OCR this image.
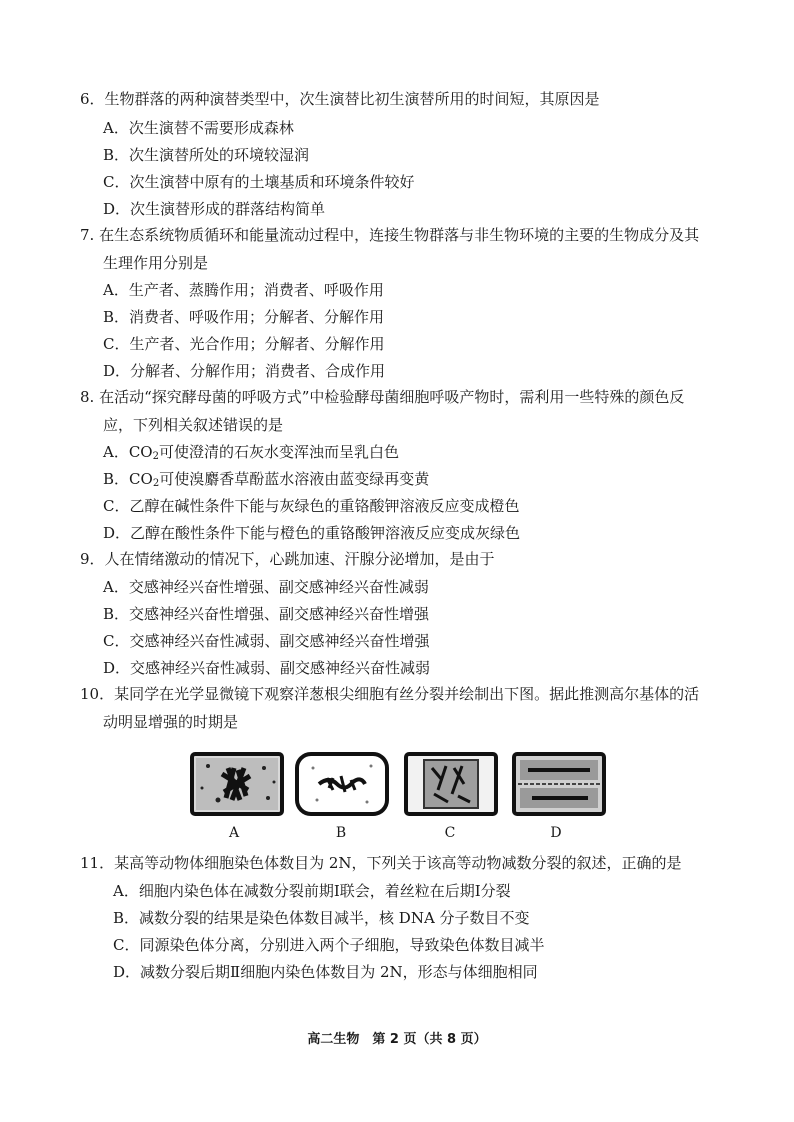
6．生物群落的两种演替类型中，次生演替比初生演替所用的时间短，其原因是
A．次生演替不需要形成森林
B．次生演替所处的环境较湿润
C．次生演替中原有的土壤基质和环境条件较好
D．次生演替形成的群落结构简单
7. 在生态系统物质循环和能量流动过程中，连接生物群落与非生物环境的主要的生物成分及其
生理作用分别是
A．生产者、蒸腾作用；消费者、呼吸作用
B．消费者、呼吸作用；分解者、分解作用
C．生产者、光合作用；分解者、分解作用
D．分解者、分解作用；消费者、合成作用
8. 在活动“探究酵母菌的呼吸方式”中检验酵母菌细胞呼吸产物时，需利用一些特殊的颜色反
应，下列相关叙述错误的是
A．$CO_2$可使澄清的石灰水变浑浊而呈乳白色
B．$CO_2$可使溴麝香草酚蓝水溶液由蓝变绿再变黄
C．乙醇在碱性条件下能与灰绿色的重铬酸钾溶液反应变成橙色
D．乙醇在酸性条件下能与橙色的重铬酸钾溶液反应变成灰绿色
9．人在情绪激动的情况下，心跳加速、汗腺分泌增加，是由于
A．交感神经兴奋性增强、副交感神经兴奋性减弱
B．交感神经兴奋性增强、副交感神经兴奋性增强
C．交感神经兴奋性减弱、副交感神经兴奋性增强
D．交感神经兴奋性减弱、副交感神经兴奋性减弱
10．某同学在光学显微镜下观察洋葱根尖细胞有丝分裂并绘制出下图。据此推测高尔基体的活
动明显增强的时期是
A	B	C	D
11．某高等动物体细胞染色体数目为 2N，下列关于该高等动物减数分裂的叙述，正确的是
A．细胞内染色体在减数分裂前期Ⅰ联会，着丝粒在后期Ⅰ分裂
B．减数分裂的结果是染色体数目减半，核 DNA 分子数目不变
C．同源染色体分离，分别进入两个子细胞，导致染色体数目减半
D．减数分裂后期Ⅱ细胞内染色体数目为 2N，形态与体细胞相同
高二生物　第 2 页（共 8 页）
